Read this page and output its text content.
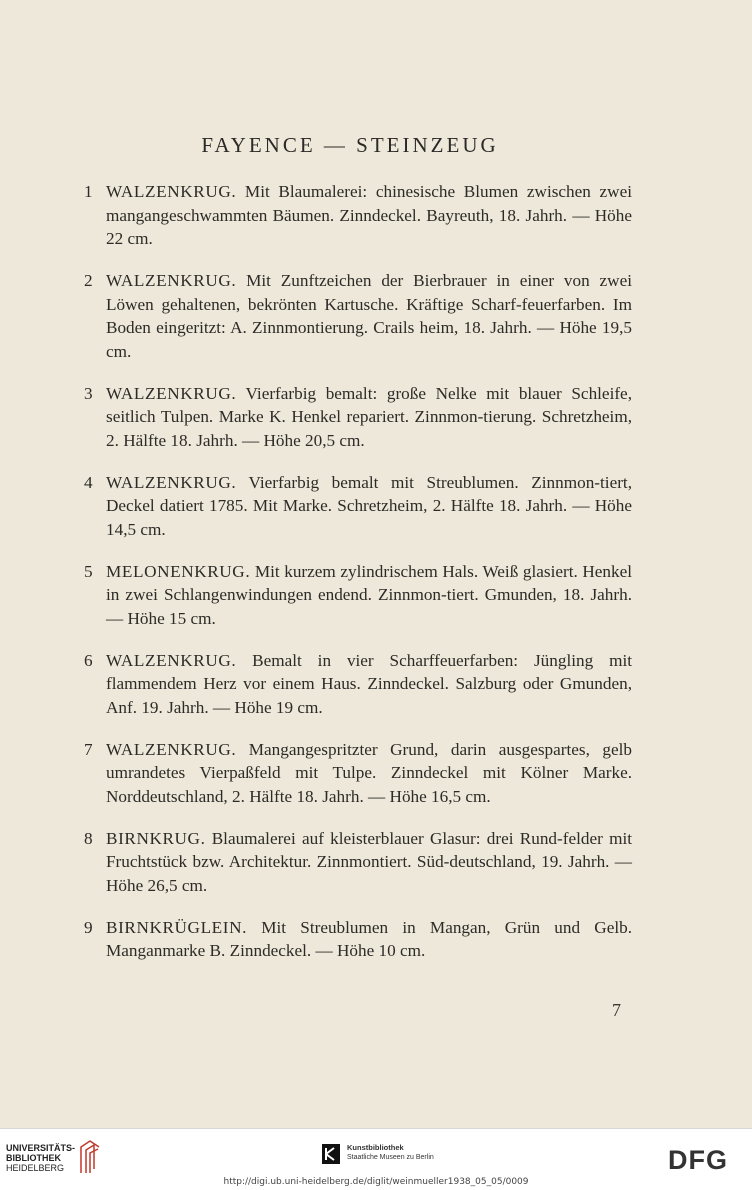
FAYENCE — STEINZEUG
1 WALZENKRUG. Mit Blaumalerei: chinesische Blumen zwischen zwei mangangeschwammten Bäumen. Zinndeckel. Bayreuth, 18. Jahrh. — Höhe 22 cm.
2 WALZENKRUG. Mit Zunftzeichen der Bierbrauer in einer von zwei Löwen gehaltenen, bekrönten Kartusche. Kräftige Scharf-feuerfarben. Im Boden eingeritzt: A. Zinnmontierung. Crails heim, 18. Jahrh. — Höhe 19,5 cm.
3 WALZENKRUG. Vierfarbig bemalt: große Nelke mit blauer Schleife, seitlich Tulpen. Marke K. Henkel repariert. Zinnmon-tierung. Schretzheim, 2. Hälfte 18. Jahrh. — Höhe 20,5 cm.
4 WALZENKRUG. Vierfarbig bemalt mit Streublumen. Zinnmon-tiert, Deckel datiert 1785. Mit Marke. Schretzheim, 2. Hälfte 18. Jahrh. — Höhe 14,5 cm.
5 MELONENKRUG. Mit kurzem zylindrischem Hals. Weiß glasiert. Henkel in zwei Schlangenwindungen endend. Zinnmon-tiert. Gmunden, 18. Jahrh. — Höhe 15 cm.
6 WALZENKRUG. Bemalt in vier Scharffeuerfarben: Jüngling mit flammendem Herz vor einem Haus. Zinndeckel. Salzburg oder Gmunden, Anf. 19. Jahrh. — Höhe 19 cm.
7 WALZENKRUG. Mangangespritzter Grund, darin ausgespartes, gelb umrandetes Vierpaßfeld mit Tulpe. Zinndeckel mit Kölner Marke. Norddeutschland, 2. Hälfte 18. Jahrh. — Höhe 16,5 cm.
8 BIRNKRUG. Blaumalerei auf kleisterblauer Glasur: drei Rund-felder mit Fruchtstück bzw. Architektur. Zinnmontiert. Süd-deutschland, 19. Jahrh. — Höhe 26,5 cm.
9 BIRNKRÜGLEIN. Mit Streublumen in Mangan, Grün und Gelb. Manganmarke B. Zinndeckel. — Höhe 10 cm.
7
UNIVERSITÄTS-
BIBLIOTHEK
HEIDELBERG
Kunstbibliothek
Staatliche Museen zu Berlin	DFG
http://digi.ub.uni-heidelberg.de/diglit/weinmueller1938_05_05/0009
